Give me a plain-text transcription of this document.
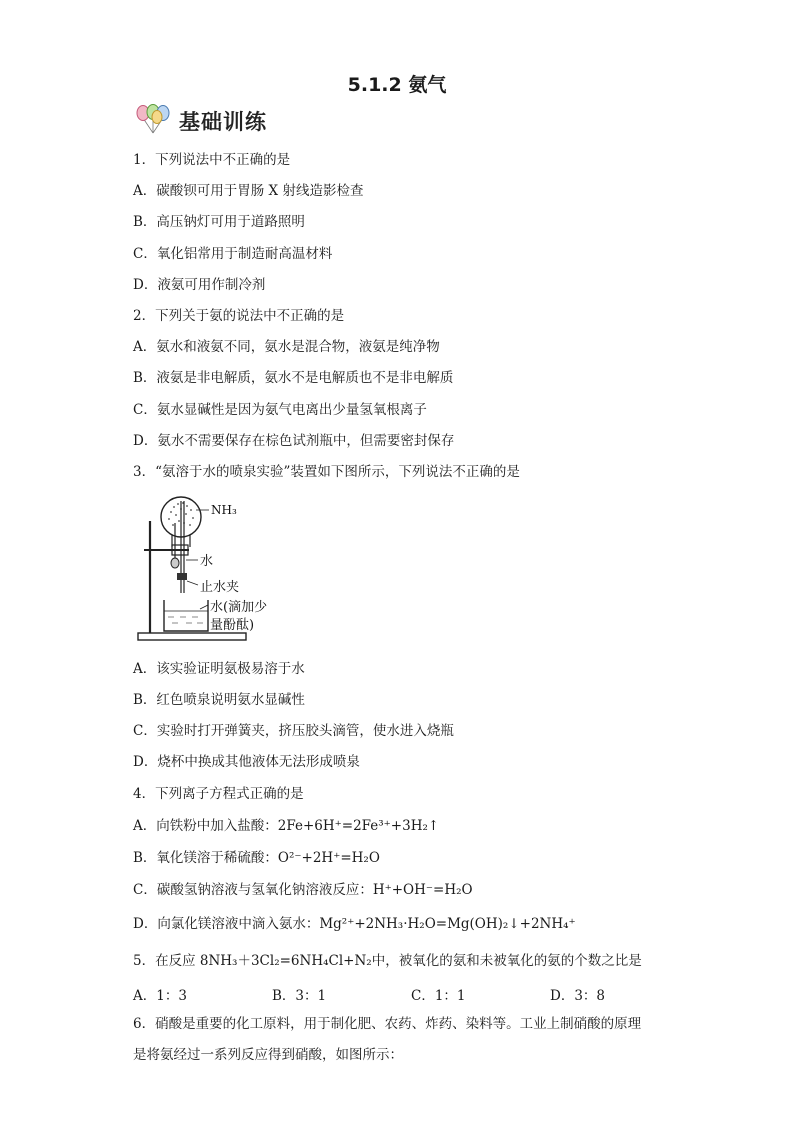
5.1.2 氨气
基础训练
1．下列说法中不正确的是
A．碳酸钡可用于胃肠 X 射线造影检查
B．高压钠灯可用于道路照明
C．氧化铝常用于制造耐高温材料
D．液氨可用作制冷剂
2．下列关于氨的说法中不正确的是
A．氨水和液氨不同，氨水是混合物，液氨是纯净物
B．液氨是非电解质，氨水不是电解质也不是非电解质
C．氨水显碱性是因为氨气电离出少量氢氧根离子
D．氨水不需要保存在棕色试剂瓶中，但需要密封保存
3．“氨溶于水的喷泉实验”装置如下图所示，下列说法不正确的是
NH₃
水
止水夹
水(滴加少
量酚酞)
A．该实验证明氨极易溶于水
B．红色喷泉说明氨水显碱性
C．实验时打开弹簧夹，挤压胶头滴管，使水进入烧瓶
D．烧杯中换成其他液体无法形成喷泉
4．下列离子方程式正确的是
A．向铁粉中加入盐酸：2Fe+6H⁺=2Fe³⁺+3H₂↑
B．氧化镁溶于稀硫酸：O²⁻+2H⁺=H₂O
C．碳酸氢钠溶液与氢氧化钠溶液反应：H⁺+OH⁻=H₂O
D．向氯化镁溶液中滴入氨水：Mg²⁺+2NH₃·H₂O=Mg(OH)₂↓+2NH₄⁺
5．在反应 8NH₃＋3Cl₂=6NH₄Cl+N₂中，被氧化的氨和未被氧化的氨的个数之比是
A．1：3	B．3：1	C．1：1	D．3：8
6．硝酸是重要的化工原料，用于制化肥、农药、炸药、染料等。工业上制硝酸的原理
是将氨经过一系列反应得到硝酸，如图所示：
